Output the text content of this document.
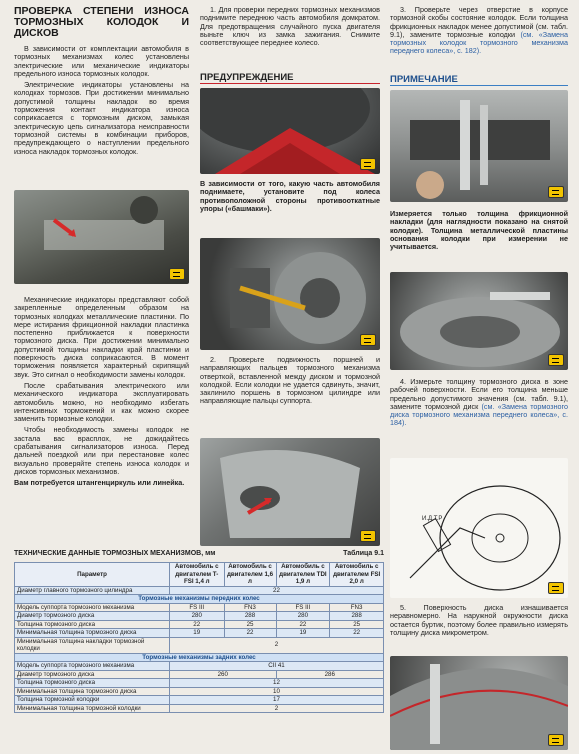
ПРОВЕРКА СТЕПЕНИ ИЗНОСА ТОРМОЗНЫХ КОЛОДОК И ДИСКОВ

В зависимости от комплектации автомобиля в тормозных механизмах колес установлены электрические или механические индикаторы предельного износа тормозных колодок.

Электрические индикаторы установлены на колодках тормозов. При достижении минимально допустимой толщины накладок во время торможения контакт индикатора износа соприкасается с тормозным диском, замыкая электрическую цепь сигнализатора неисправности тормозной системы в комбинации приборов, предупреждающего о наступлении предельного износа накладок тормозных колодок.

Механические индикаторы представляют собой закрепленные определенным образом на тормозных колодках металлические пластинки. По мере истирания фрикционной накладки пластинка постепенно приближается к поверхности тормозного диска. При достижении минимально допустимой толщины накладки край пластинки и поверхность диска соприкасаются. В момент торможения появляется характерный скрипящий звук. Это сигнал о необходимости замены колодок.

После срабатывания электрического или механического индикатора эксплуатировать автомобиль можно, но необходимо избегать интенсивных торможений и как можно скорее заменить тормозные колодки.

Чтобы необходимость замены колодок не застала вас врасплох, не дожидайтесь срабатывания сигнализаторов износа. Перед дальней поездкой или при перестановке колес визуально проверяйте степень износа колодок и дисков тормозных механизмов.

Вам потребуется штангенциркуль или линейка.

1. Для проверки передних тормозных механизмов поднимите переднюю часть автомобиля домкратом. Для предотвращения случайного пуска двигателя выньте ключ из замка зажигания. Снимите соответствующее переднее колесо.

ПРЕДУПРЕЖДЕНИЕ

В зависимости от того, какую часть автомобиля поднимаете, установите под колеса противоположной стороны противооткатные упоры («башмаки»).

2. Проверьте подвижность поршней и направляющих пальцев тормозного механизма отверткой, вставленной между диском и тормозной колодкой. Если колодки не удается сдвинуть, значит, заклинило поршень в тормозном цилиндре или направляющие пальцы суппорта.

3. Проверьте через отверстие в корпусе тормозной скобы состояние колодок. Если толщина фрикционных накладок менее допустимой (см. табл. 9.1), замените тормозные колодки (см. «Замена тормозных колодок тормозного механизма переднего колеса», с. 182).

ПРИМЕЧАНИЕ

Измеряется только толщина фрикционной накладки (для наглядности показано на снятой колодке). Толщина металлической пластины основания колодки при измерении не учитывается.

4. Измерьте толщину тормозного диска в зоне рабочей поверхности. Если его толщина меньше предельно допустимого значения (см. табл. 9.1), замените тормозной диск (см. «Замена тормозного диска тормозного механизма переднего колеса», с. 184).

И.Д.Т.Р

5. Поверхность диска изнашивается неравномерно. На наружной окружности диска остается буртик, поэтому более правильно измерять толщину диска микрометром.

ТЕХНИЧЕСКИЕ ДАННЫЕ ТОРМОЗНЫХ МЕХАНИЗМОВ, мм	Таблица 9.1
Параметр	Автомобиль с двигателем T-FSI 1,4 л	Автомобиль с двигателем 1,6 л	Автомобиль с двигателем TDI 1,9 л	Автомобиль с двигателем FSI 2,0 л
Диаметр главного тормозного цилиндра	22			
Тормозные механизмы передних колес				
Модель суппорта тормозного механизма	FS III	FN3	FS III	FN3
Диаметр тормозного диска	280	288	280	288
Толщина тормозного диска	22	25	22	25
Минимальная толщина тормозного диска	19	22	19	22
Минимальная толщина накладки тормозной колодки	2			
Тормозные механизмы задних колес				
Модель суппорта тормозного механизма	CII 41			
Диаметр тормозного диска	260		286	
Толщина тормозного диска	12			
Минимальная толщина тормозного диска	10			
Толщина тормозной колодки	17			
Минимальная толщина тормозной колодки	2			
